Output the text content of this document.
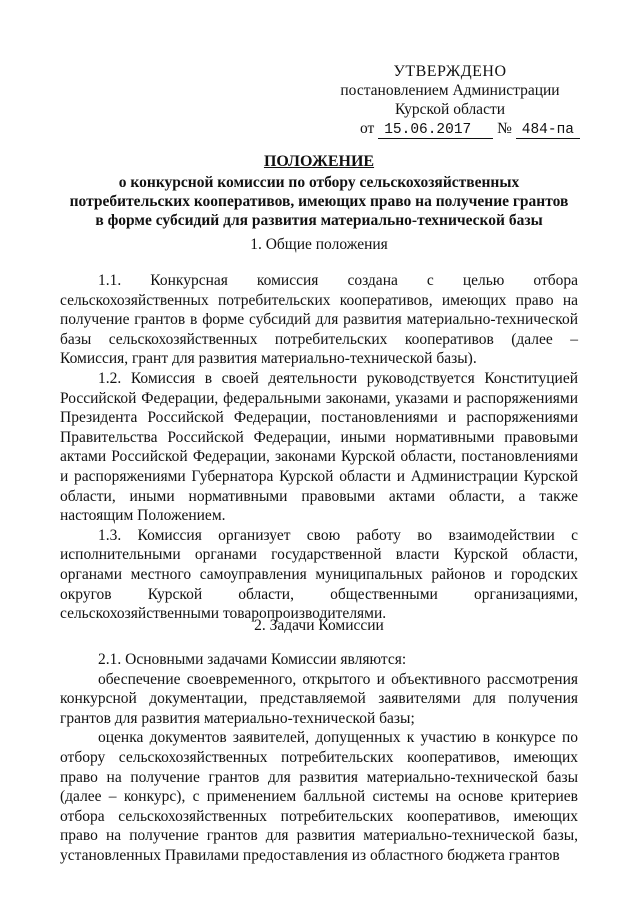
УТВЕРЖДЕНО
постановлением Администрации
Курской области
от 15.06.2017 № 484-па
ПОЛОЖЕНИЕ
о конкурсной комиссии по отбору сельскохозяйственных
потребительских кооперативов, имеющих право на получение грантов
в форме субсидий для развития материально-технической базы
1. Общие положения

1.1. Конкурсная комиссия создана с целью отбора сельскохозяйственных потребительских кооперативов, имеющих право на получение грантов в форме субсидий для развития материально-технической базы сельскохозяйственных потребительских кооперативов (далее – Комиссия, грант для развития материально-технической базы).

1.2. Комиссия в своей деятельности руководствуется Конституцией Российской Федерации, федеральными законами, указами и распоряжениями Президента Российской Федерации, постановлениями и распоряжениями Правительства Российской Федерации, иными нормативными правовыми актами Российской Федерации, законами Курской области, постановлениями и распоряжениями Губернатора Курской области и Администрации Курской области, иными нормативными правовыми актами области, а также настоящим Положением.

1.3. Комиссия организует свою работу во взаимодействии с исполнительными органами государственной власти Курской области, органами местного самоуправления муниципальных районов и городских округов Курской области, общественными организациями, сельскохозяйственными товаропроизводителями.

2. Задачи Комиссии

2.1. Основными задачами Комиссии являются:

обеспечение своевременного, открытого и объективного рассмотрения конкурсной документации, представляемой заявителями для получения грантов для развития материально-технической базы;

оценка документов заявителей, допущенных к участию в конкурсе по отбору сельскохозяйственных потребительских кооперативов, имеющих право на получение грантов для развития материально-технической базы (далее – конкурс), с применением балльной системы на основе критериев отбора сельскохозяйственных потребительских кооперативов, имеющих право на получение грантов для развития материально-технической базы, установленных Правилами предоставления из областного бюджета грантов
